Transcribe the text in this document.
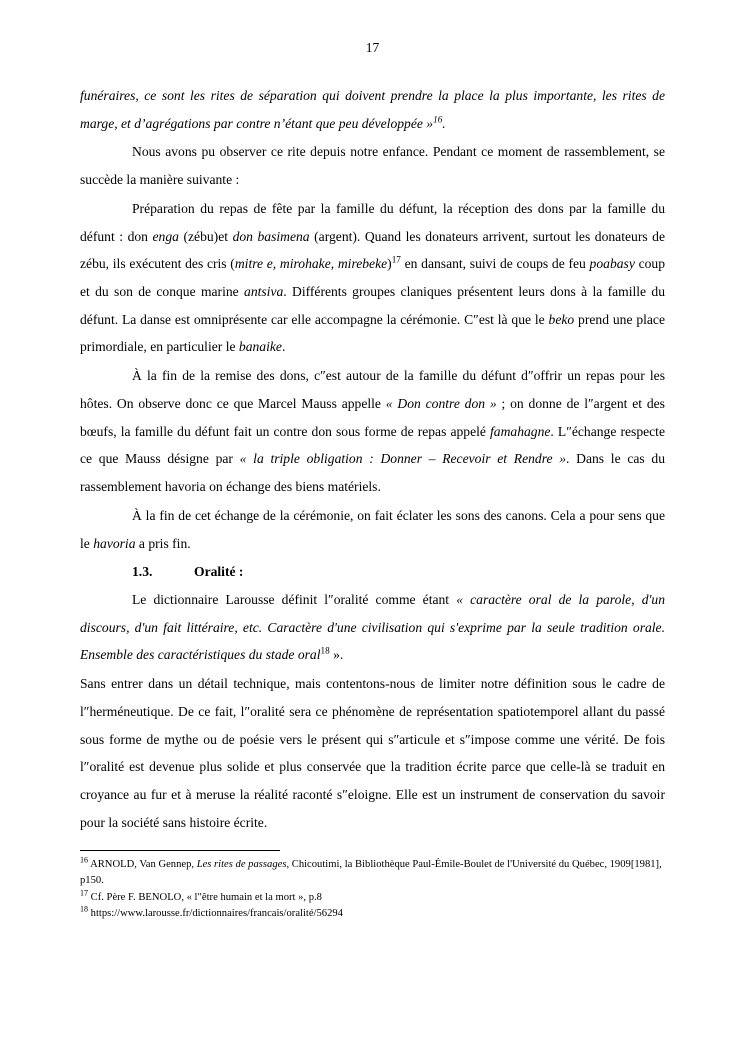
17

funéraires, ce sont les rites de séparation qui doivent prendre la place la plus importante, les rites de marge, et d’agrégations par contre n’étant que peu développée »$^{16}$.

Nous avons pu observer ce rite depuis notre enfance. Pendant ce moment de rassemblement, se succède la manière suivante :

Préparation du repas de fête par la famille du défunt, la réception des dons par la famille du défunt : don enga (zébu)et don basimena (argent). Quand les donateurs arrivent, surtout les donateurs de zébu, ils exécutent des cris (mitre e, mirohake, mirebeke)$^{17}$ en dansant, suivi de coups de feu poabasy coup et du son de conque marine antsiva. Différents groupes claniques présentent leurs dons à la famille du défunt. La danse est omniprésente car elle accompagne la cérémonie. C″est là que le beko prend une place primordiale, en particulier le banaike.

À la fin de la remise des dons, c″est autour de la famille du défunt d″offrir un repas pour les hôtes. On observe donc ce que Marcel Mauss appelle « Don contre don » ; on donne de l″argent et des bœufs, la famille du défunt fait un contre don sous forme de repas appelé famahagne. L″échange respecte ce que Mauss désigne par « la triple obligation : Donner – Recevoir et Rendre ». Dans le cas du rassemblement havoria on échange des biens matériels.

À la fin de cet échange de la cérémonie, on fait éclater les sons des canons. Cela a pour sens que le havoria a pris fin.

1.3.	Oralité :

Le dictionnaire Larousse définit l″oralité comme étant « caractère oral de la parole, d'un discours, d'un fait littéraire, etc. Caractère d'une civilisation qui s'exprime par la seule tradition orale. Ensemble des caractéristiques du stade oral$^{18}$ ».

Sans entrer dans un détail technique, mais contentons-nous de limiter notre définition sous le cadre de l″herméneutique. De ce fait, l″oralité sera ce phénomène de représentation spatiotemporel allant du passé sous forme de mythe ou de poésie vers le présent qui s″articule et s″impose comme une vérité. De fois l″oralité est devenue plus solide et plus conservée que la tradition écrite parce que celle-là se traduit en croyance au fur et à meruse la réalité raconté s″eloigne. Elle est un instrument de conservation du savoir pour la société sans histoire écrite.

$^{16}$ ARNOLD, Van Gennep, Les rites de passages, Chicoutimi, la Bibliothèque Paul-Émile-Boulet de l'Université du Québec, 1909[1981], p150.

$^{17}$ Cf. Père F. BENOLO, « l″être humain et la mort », p.8

$^{18}$ https://www.larousse.fr/dictionnaires/francais/oralité/56294
